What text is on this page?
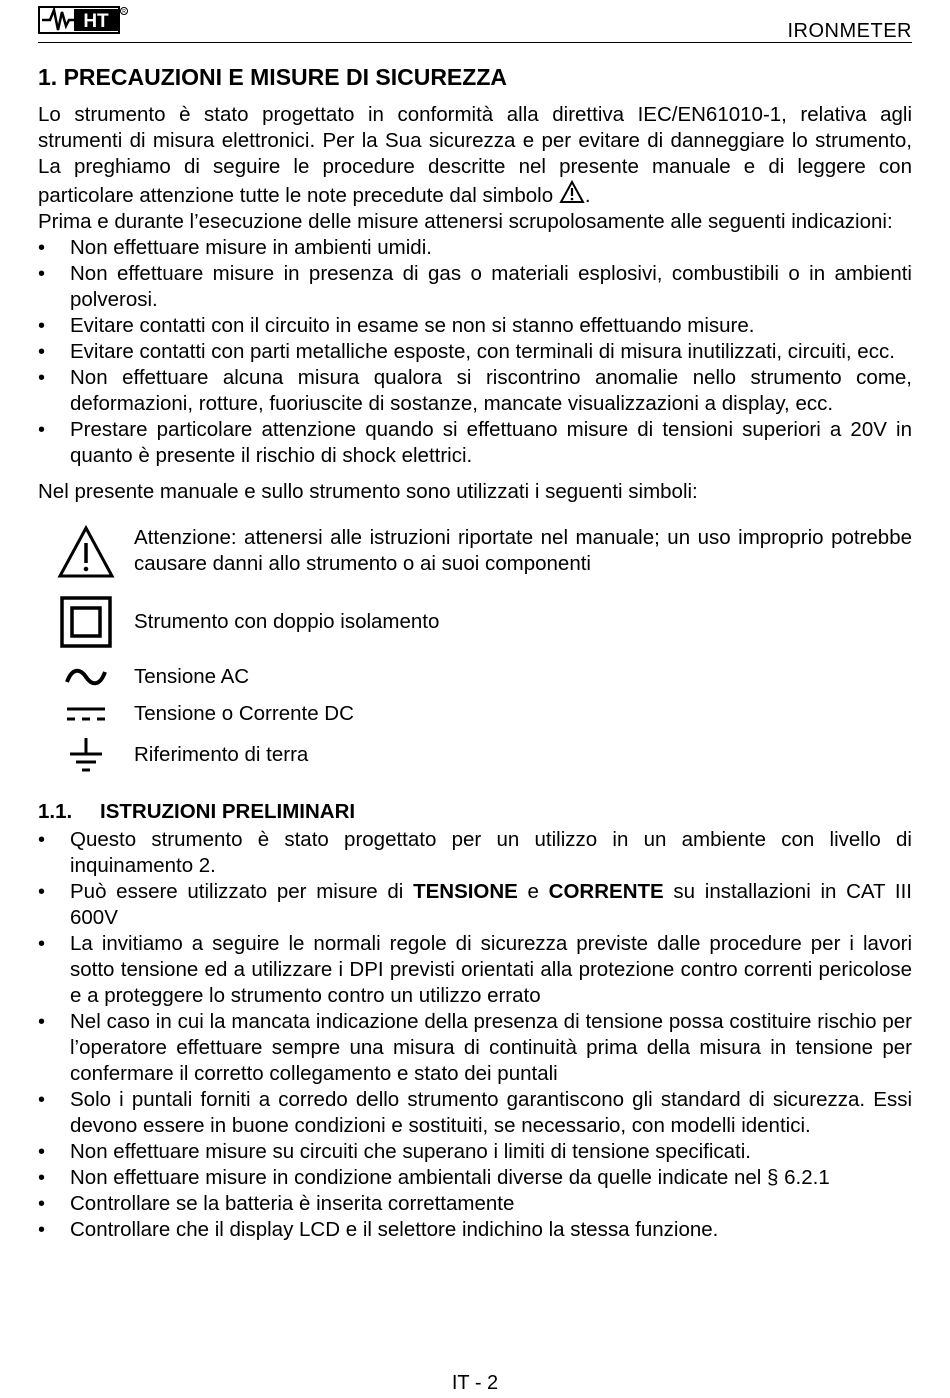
HT	R
IRONMETER
1. PRECAUZIONI E MISURE DI SICUREZZA

Lo strumento è stato progettato in conformità alla direttiva IEC/EN61010-1, relativa agli strumenti di misura elettronici. Per la Sua sicurezza e per evitare di danneggiare lo strumento, La preghiamo di seguire le procedure descritte nel presente manuale e di leggere con particolare attenzione tutte le note precedute dal simbolo .

Prima e durante l’esecuzione delle misure attenersi scrupolosamente alle seguenti indicazioni:

• Non effettuare misure in ambienti umidi.
• Non effettuare misure in presenza di gas o materiali esplosivi, combustibili o in ambienti polverosi.
• Evitare contatti con il circuito in esame se non si stanno effettuando misure.
• Evitare contatti con parti metalliche esposte, con terminali di misura inutilizzati, circuiti, ecc.
• Non effettuare alcuna misura qualora si riscontrino anomalie nello strumento come, deformazioni, rotture, fuoriuscite di sostanze, mancate visualizzazioni a display, ecc.
• Prestare particolare attenzione quando si effettuano misure di tensioni superiori a 20V in quanto è presente il rischio di shock elettrici.

Nel presente manuale e sullo strumento sono utilizzati i seguenti simboli:

Attenzione: attenersi alle istruzioni riportate nel manuale; un uso improprio potrebbe causare danni allo strumento o ai suoi componenti
Strumento con doppio isolamento
Tensione AC
Tensione o Corrente DC
Riferimento di terra
1.1. ISTRUZIONI PRELIMINARI
• Questo strumento è stato progettato per un utilizzo in un ambiente con livello di inquinamento 2.
• Può essere utilizzato per misure di TENSIONE e CORRENTE su installazioni in CAT III 600V
• La invitiamo a seguire le normali regole di sicurezza previste dalle procedure per i lavori sotto tensione ed a utilizzare i DPI previsti orientati alla protezione contro correnti pericolose e a proteggere lo strumento contro un utilizzo errato
• Nel caso in cui la mancata indicazione della presenza di tensione possa costituire rischio per l’operatore effettuare sempre una misura di continuità prima della misura in tensione per confermare il corretto collegamento e stato dei puntali
• Solo i puntali forniti a corredo dello strumento garantiscono gli standard di sicurezza. Essi devono essere in buone condizioni e sostituiti, se necessario, con modelli identici.
• Non effettuare misure su circuiti che superano i limiti di tensione specificati.
• Non effettuare misure in condizione ambientali diverse da quelle indicate nel § 6.2.1
• Controllare se la batteria è inserita correttamente
• Controllare che il display LCD e il selettore indichino la stessa funzione.
IT - 2
